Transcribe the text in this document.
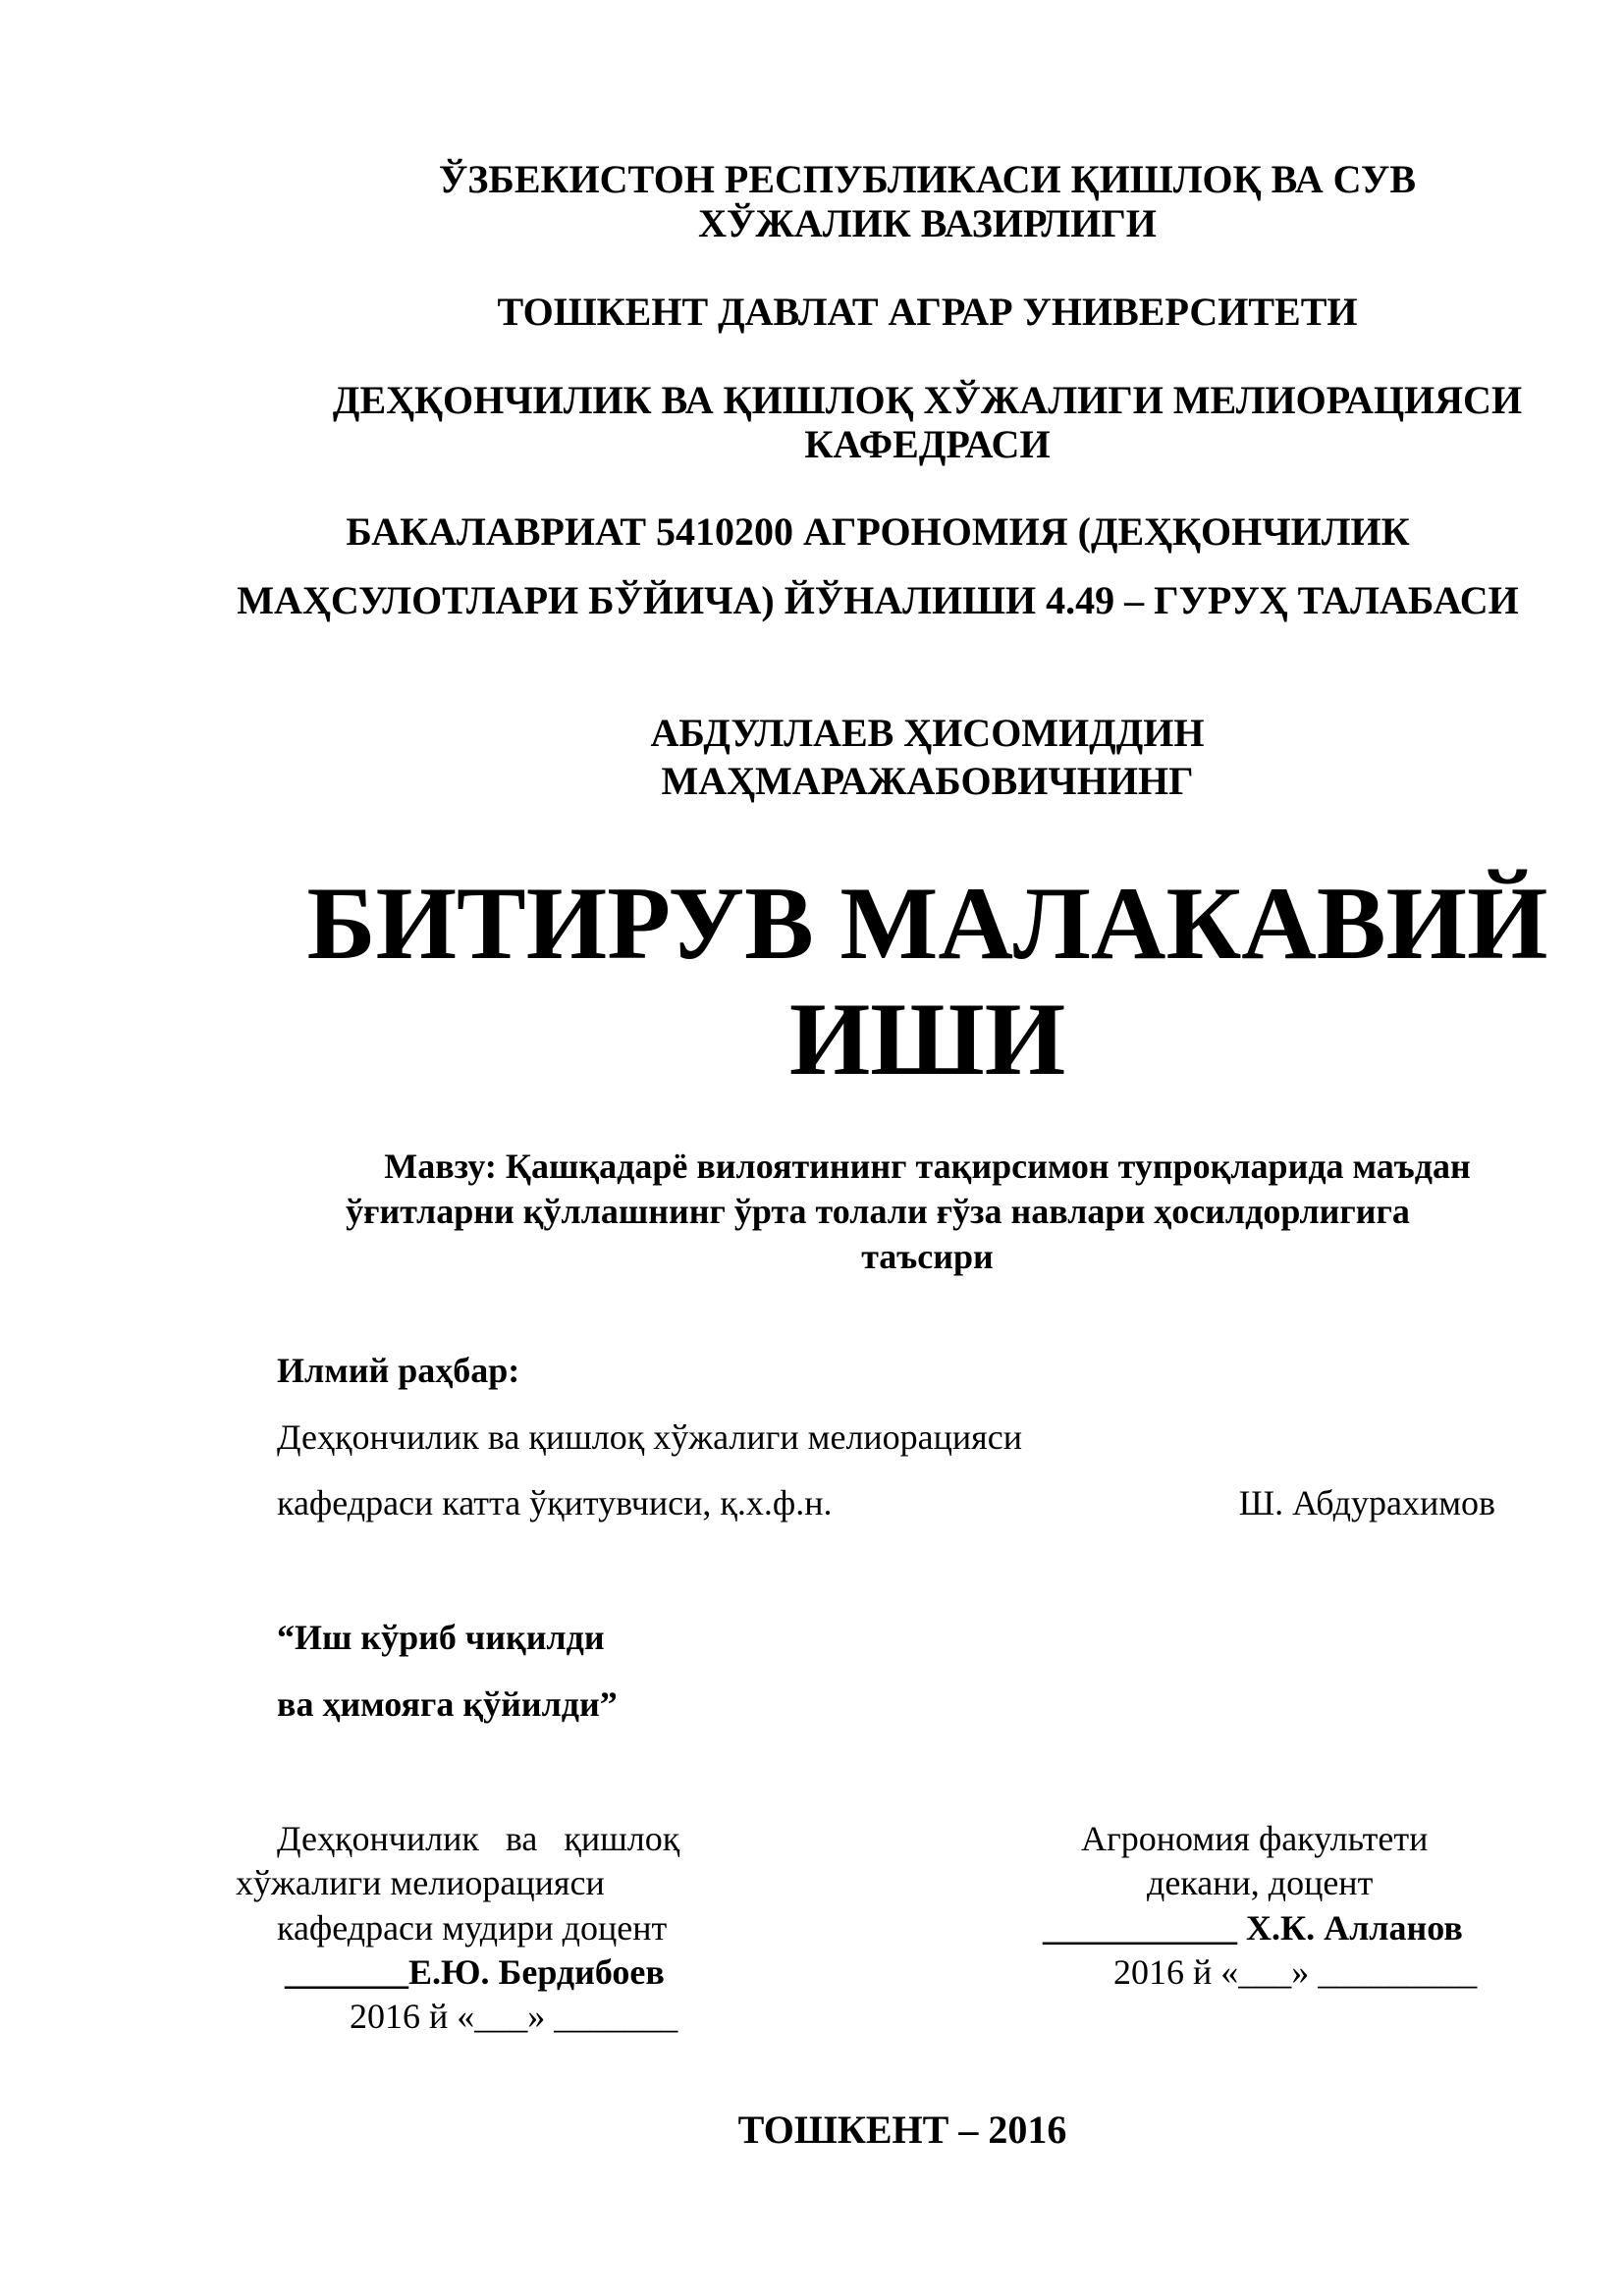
ЎЗБЕКИСТОН РЕСПУБЛИКАСИ ҚИШЛОҚ ВА СУВ
ХЎЖАЛИК ВАЗИРЛИГИ
ТОШКЕНТ ДАВЛАТ АГРАР УНИВЕРСИТЕТИ
ДЕҲҚОНЧИЛИК ВА ҚИШЛОҚ ХЎЖАЛИГИ МЕЛИОРАЦИЯСИ
КАФЕДРАСИ
БАКАЛАВРИАТ 5410200 АГРОНОМИЯ (ДЕҲҚОНЧИЛИК
МАҲСУЛОТЛАРИ БЎЙИЧА) ЙЎНАЛИШИ 4.49 – ГУРУҲ ТАЛАБАСИ
АБДУЛЛАЕВ ҲИСОМИДДИН
МАҲМАРАЖАБОВИЧНИНГ
БИТИРУВ МАЛАКАВИЙ
ИШИ
Мавзу: Қашқадарё вилоятининг тақирсимон тупроқларида маъдан
ўғитларни қўллашнинг ўрта толали ғўза навлари ҳосилдорлигига
таъсири
Илмий раҳбар:
Деҳқончилик ва қишлоқ хўжалиги мелиорацияси
кафедраси катта ўқитувчиси, қ.х.ф.н.	Ш. Абдурахимов
“Иш кўриб чиқилди
ва ҳимояга қўйилди”
Деҳқончилик   ва   қишлоқ
хўжалиги мелиорацияси
кафедраси мудири доцент
_______Е.Ю. Бердибоев
2016 й «___» _______
Агрономия факультети
декани, доцент
___________ Х.К. Алланов
2016 й «___» _________
ТОШКЕНТ – 2016
